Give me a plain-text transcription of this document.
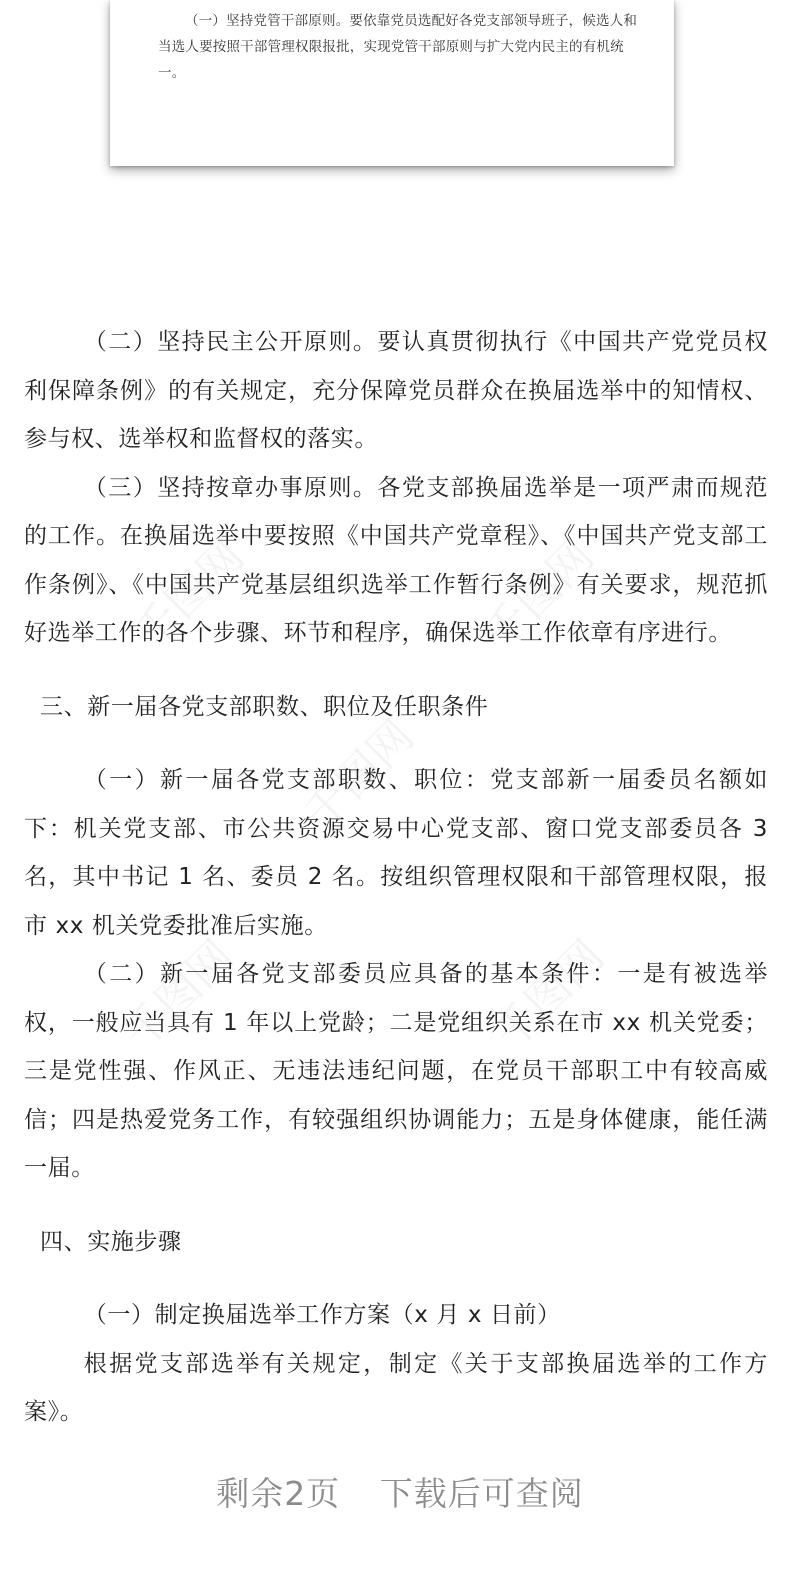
（一）坚持党管干部原则。要依靠党员选配好各党支部领导班子，候选人和当选人要按照干部管理权限报批，实现党管干部原则与扩大党内民主的有机统一。

（二）坚持民主公开原则。要认真贯彻执行《中国共产党党员权利保障条例》的有关规定，充分保障党员群众在换届选举中的知情权、参与权、选举权和监督权的落实。

（三）坚持按章办事原则。各党支部换届选举是一项严肃而规范的工作。在换届选举中要按照《中国共产党章程》、《中国共产党支部工作条例》、《中国共产党基层组织选举工作暂行条例》有关要求，规范抓好选举工作的各个步骤、环节和程序，确保选举工作依章有序进行。

三、新一届各党支部职数、职位及任职条件

（一）新一届各党支部职数、职位：党支部新一届委员名额如下：机关党支部、市公共资源交易中心党支部、窗口党支部委员各 3 名，其中书记 1 名、委员 2 名。按组织管理权限和干部管理权限，报市 xx 机关党委批准后实施。

（二）新一届各党支部委员应具备的基本条件：一是有被选举权，一般应当具有 1 年以上党龄；二是党组织关系在市 xx 机关党委；三是党性强、作风正、无违法违纪问题，在党员干部职工中有较高威信；四是热爱党务工作，有较强组织协调能力；五是身体健康，能任满一届。

四、实施步骤

（一）制定换届选举工作方案（x 月 x 日前）

根据党支部选举有关规定，制定《关于支部换届选举的工作方案》。

剩余2页 下载后可查阅
